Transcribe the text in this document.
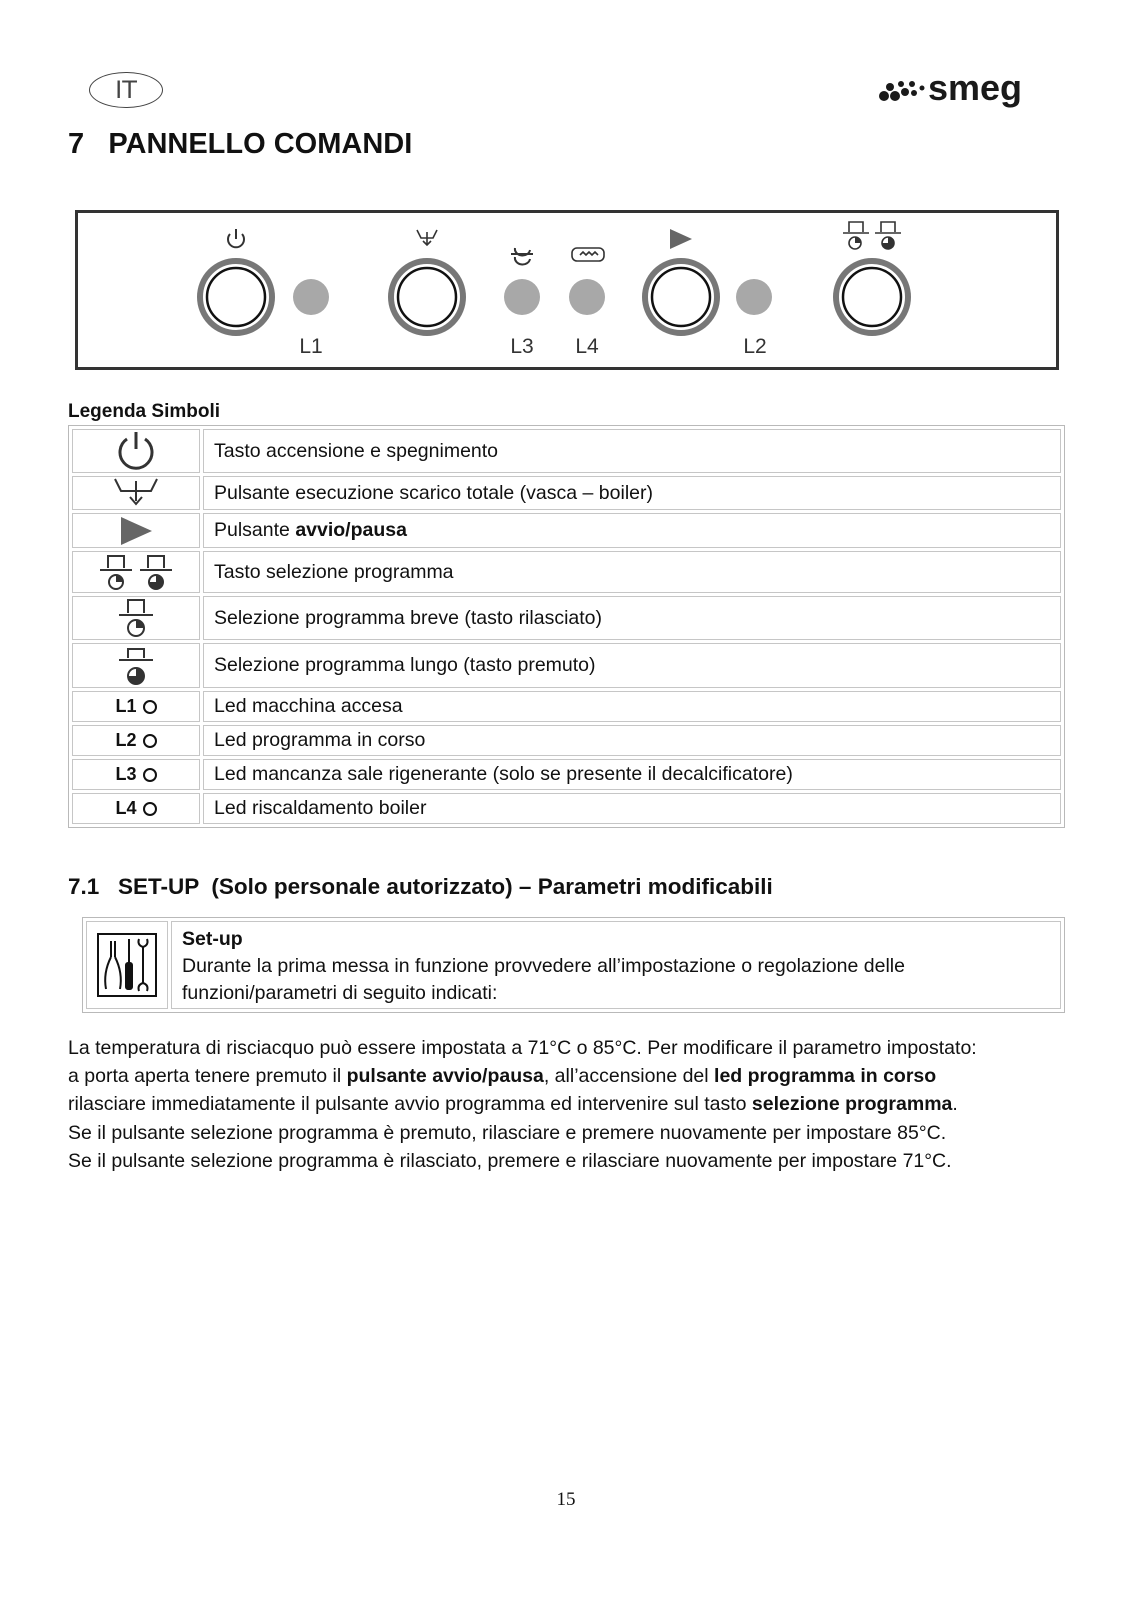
IT	smeg
7 PANNELLO COMANDI
L1	L3 L4	L2
Legenda Simboli
Tasto accensione e spegnimento
Pulsante esecuzione scarico totale (vasca – boiler)
Pulsante avvio/pausa
Tasto selezione programma
Selezione programma breve (tasto rilasciato)
Selezione programma lungo (tasto premuto)
L1	Led macchina accesa
L2	Led programma in corso
L3	Led mancanza sale rigenerante (solo se presente il decalcificatore)
L4	Led riscaldamento boiler
7.1   SET-UP  (Solo personale autorizzato) – Parametri modificabili
Set-up
Durante la prima messa in funzione provvedere all’impostazione o regolazione delle
funzioni/parametri di seguito indicati:

La temperatura di risciacquo può essere impostata a 71°C o 85°C. Per modificare il parametro impostato:

a porta aperta tenere premuto il pulsante avvio/pausa, all’accensione del led programma in corso

rilasciare immediatamente il pulsante avvio programma ed intervenire sul tasto selezione programma.

Se il pulsante selezione programma è premuto, rilasciare e premere nuovamente per impostare 85°C.

Se il pulsante selezione programma è rilasciato, premere e rilasciare nuovamente per impostare 71°C.

15
